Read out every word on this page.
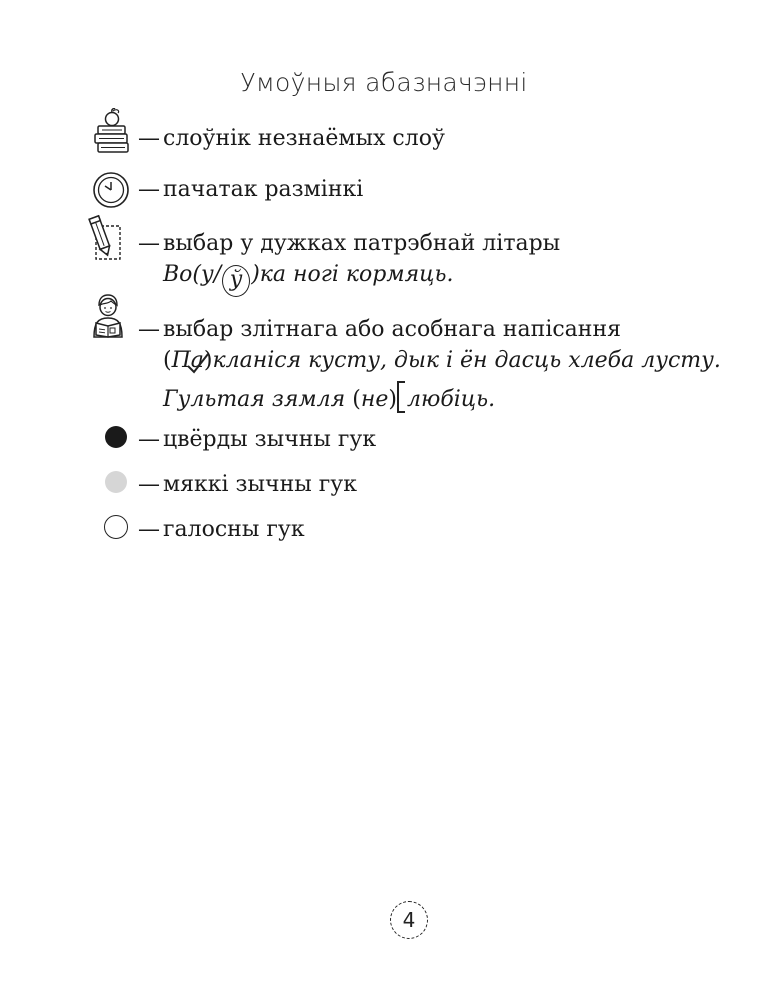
Умоўныя абазначэнні
— слоўнік незнаёмых слоў
— пачатак размінкі
— выбар у дужках патрэбнай літары
Во(у/ ў )ка ногі кормяць.
— выбар злітнага або асобнага напісання
(Па
)кланіся кусту, дык і ён дасць хлеба лусту.
Гультая зямля (не) любіць.
— цвёрды зычны гук
— мяккі зычны гук
— галосны гук
4
